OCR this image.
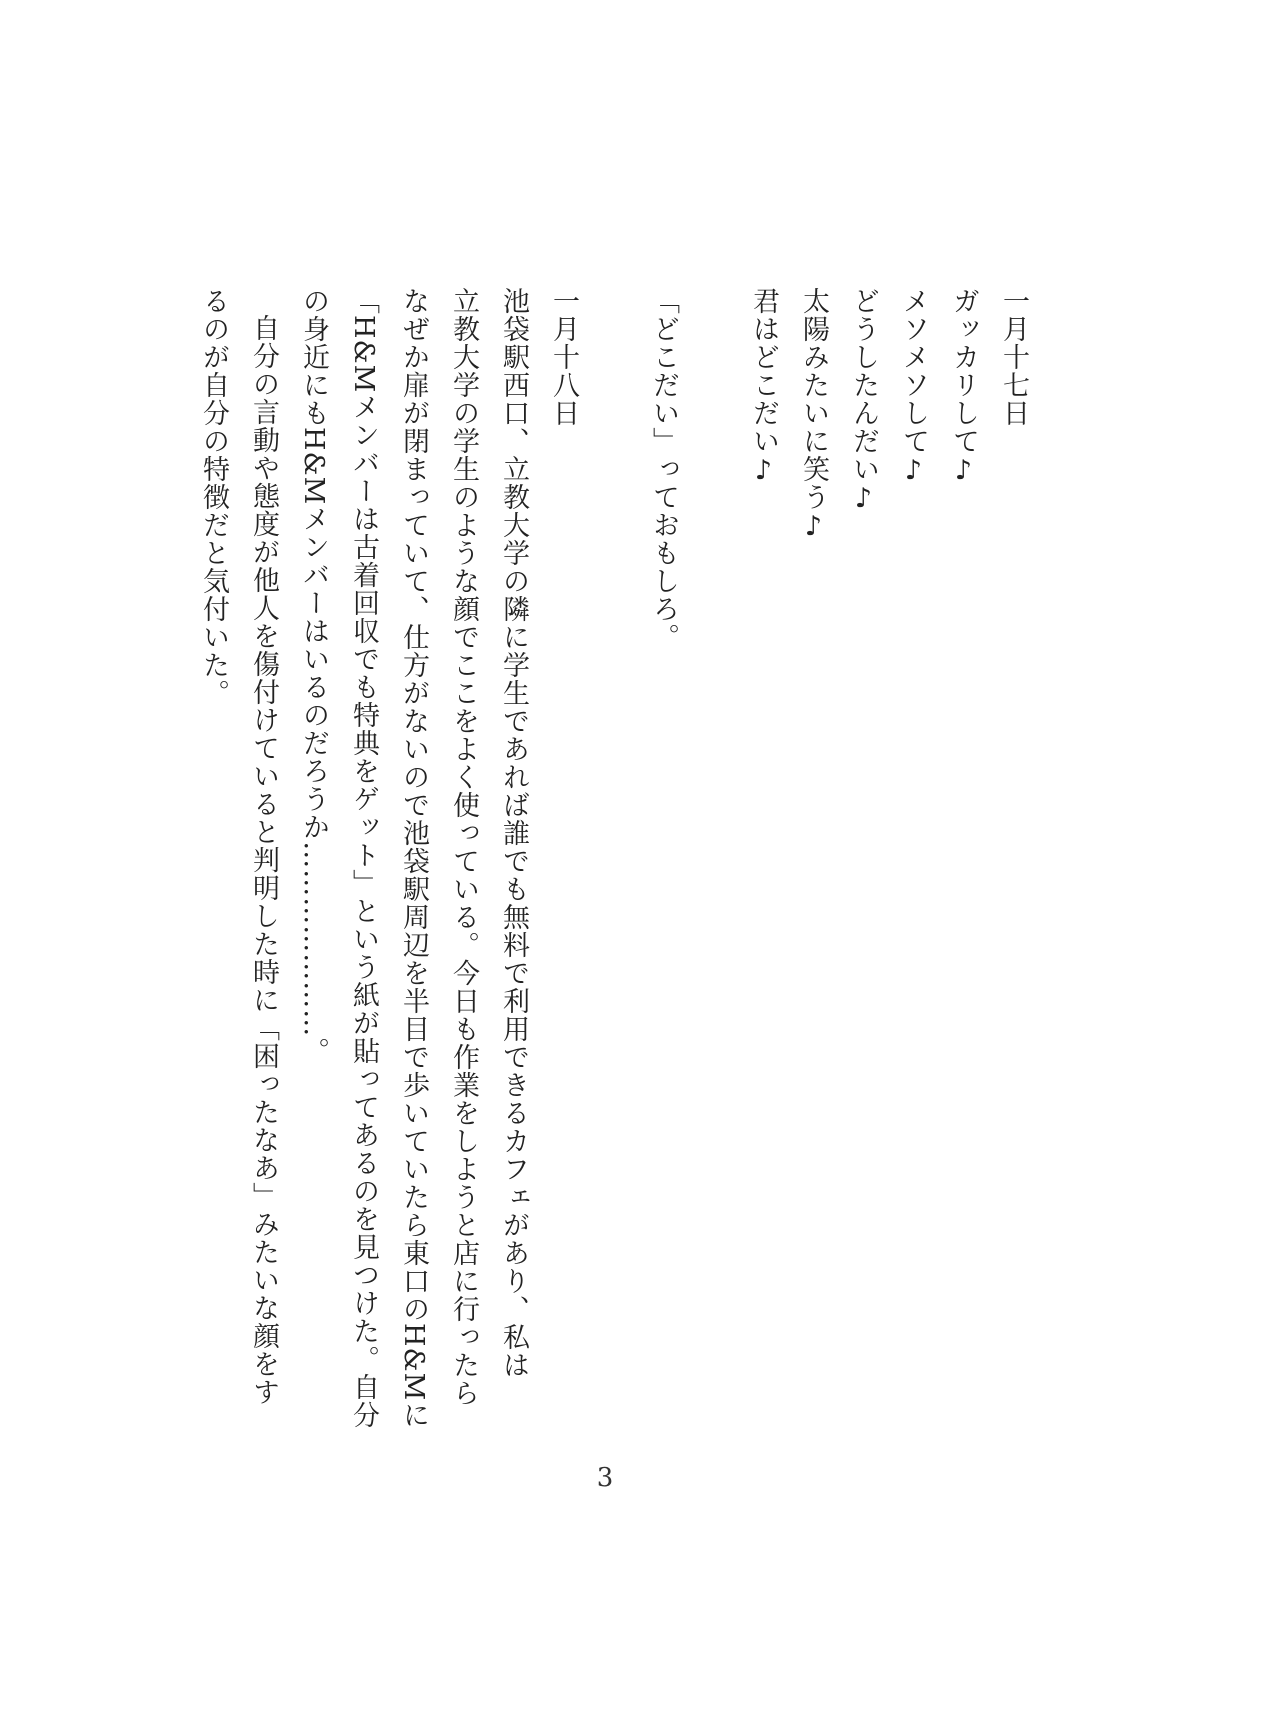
一月十七日
ガッカリして♪
メソメソして♪
どうしたんだい♪
太陽みたいに笑う♪
君はどこだい♪
「どこだい」っておもしろ。
一月十八日
池袋駅西口、立教大学の隣に学生であれば誰でも無料で利用できるカフェがあり、私は
立教大学の学生のような顔でここをよく使っている。今日も作業をしようと店に行ったら
なぜか扉が閉まっていて、仕方がないので池袋駅周辺を半目で歩いていたら東口のH&Mに
「H&Mメンバーは古着回収でも特典をゲット」という紙が貼ってあるのを見つけた。自分
の身近にもH&Mメンバーはいるのだろうか…………………。
自分の言動や態度が他人を傷付けていると判明した時に「困ったなあ」みたいな顔をす
るのが自分の特徴だと気付いた。
3
